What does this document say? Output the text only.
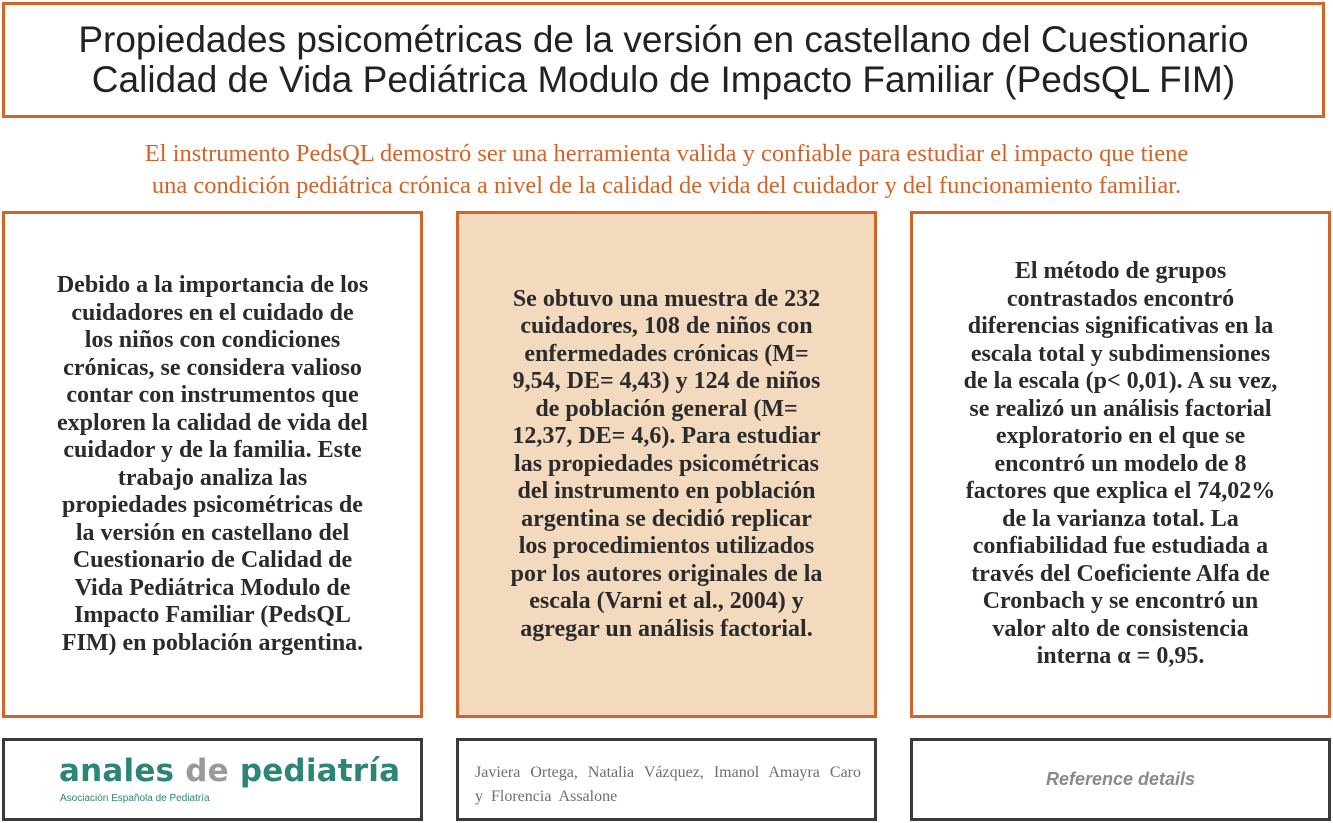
Propiedades psicométricas de la versión en castellano del Cuestionario
Calidad de Vida Pediátrica Modulo de Impacto Familiar (PedsQL FIM)
El instrumento PedsQL demostró ser una herramienta valida y confiable para estudiar el impacto que tiene
una condición pediátrica crónica a nivel de la calidad de vida del cuidador y del funcionamiento familiar.
Debido a la importancia de los
cuidadores en el cuidado de
los niños con condiciones
crónicas, se considera valioso
contar con instrumentos que
exploren la calidad de vida del
cuidador y de la familia. Este
trabajo analiza las
propiedades psicométricas de
la versión en castellano del
Cuestionario de Calidad de
Vida Pediátrica Modulo de
Impacto Familiar (PedsQL
FIM) en población argentina.
Se obtuvo una muestra de 232
cuidadores, 108 de niños con
enfermedades crónicas (M=
9,54, DE= 4,43) y 124 de niños
de población general (M=
12,37, DE= 4,6). Para estudiar
las propiedades psicométricas
del instrumento en población
argentina se decidió replicar
los procedimientos utilizados
por los autores originales de la
escala (Varni et al., 2004) y
agregar un análisis factorial.
El método de grupos
contrastados encontró
diferencias significativas en la
escala total y subdimensiones
de la escala (p< 0,01). A su vez,
se realizó un análisis factorial
exploratorio en el que se
encontró un modelo de 8
factores que explica el 74,02%
de la varianza total. La
confiabilidad fue estudiada a
través del Coeficiente Alfa de
Cronbach y se encontró un
valor alto de consistencia
interna α = 0,95.
anales de pediatría
Asociación Española de Pediatría
Javiera Ortega, Natalia Vázquez, Imanol Amayra Caro y Florencia Assalone
Reference details
